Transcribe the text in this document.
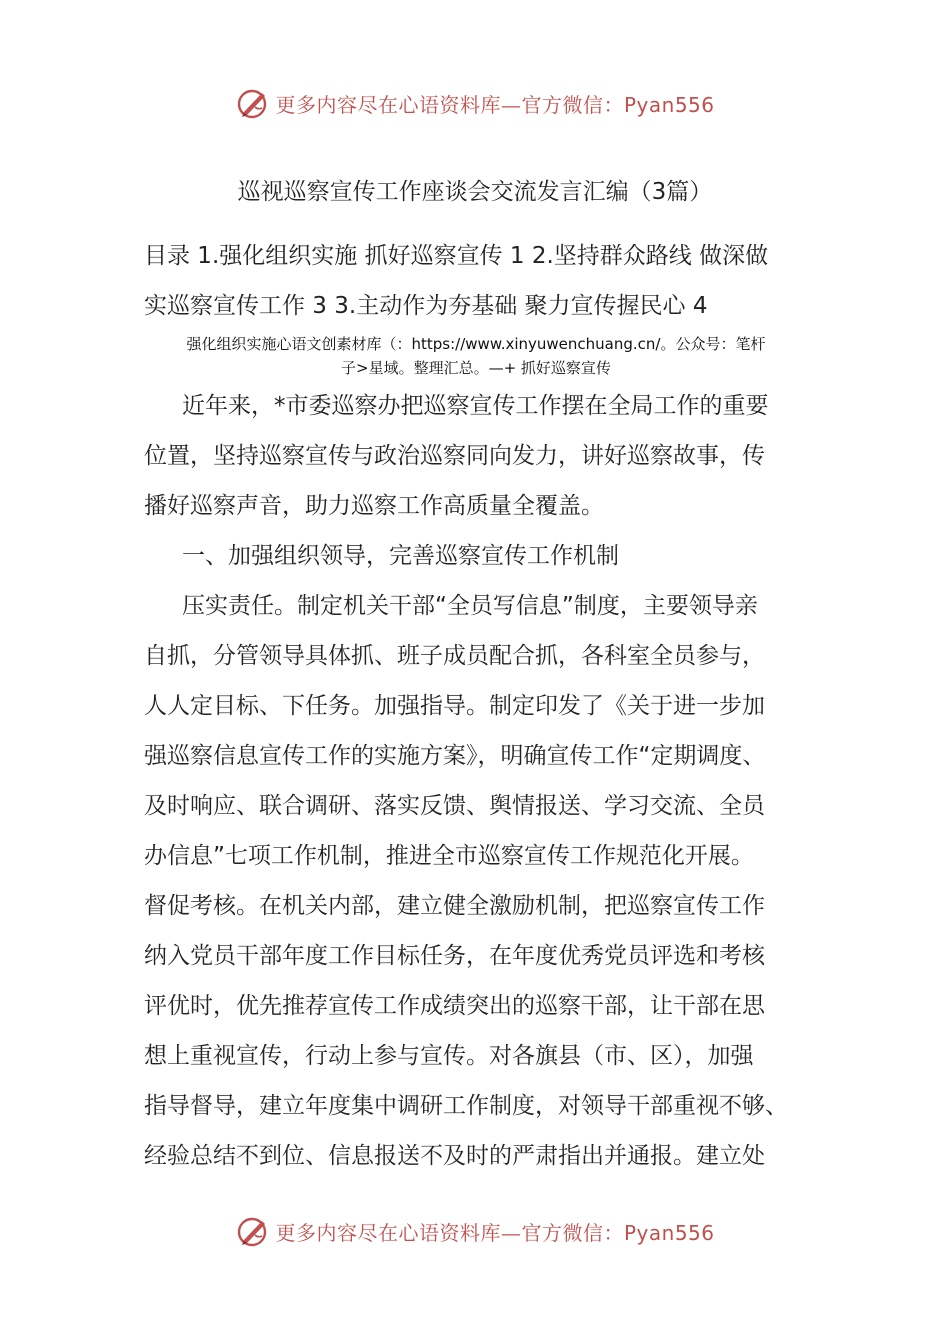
更多内容尽在心语资料库—官方微信：Pyan556
巡视巡察宣传工作座谈会交流发言汇编（3篇）
目录 1.强化组织实施 抓好巡察宣传 1 2.坚持群众路线 做深做
实巡察宣传工作 3 3.主动作为夯基础 聚力宣传握民心 4
强化组织实施心语文创素材库（：https://www.xinyuwenchuang.cn/。公众号：笔杆
子>星域。整理汇总。—+ 抓好巡察宣传
近年来，*市委巡察办把巡察宣传工作摆在全局工作的重要
位置，坚持巡察宣传与政治巡察同向发力，讲好巡察故事，传
播好巡察声音，助力巡察工作高质量全覆盖。
一、加强组织领导，完善巡察宣传工作机制
压实责任。制定机关干部“全员写信息”制度，主要领导亲
自抓，分管领导具体抓、班子成员配合抓，各科室全员参与，
人人定目标、下任务。加强指导。制定印发了《关于进一步加
强巡察信息宣传工作的实施方案》，明确宣传工作“定期调度、
及时响应、联合调研、落实反馈、舆情报送、学习交流、全员
办信息”七项工作机制，推进全市巡察宣传工作规范化开展。
督促考核。在机关内部，建立健全激励机制，把巡察宣传工作
纳入党员干部年度工作目标任务，在年度优秀党员评选和考核
评优时，优先推荐宣传工作成绩突出的巡察干部，让干部在思
想上重视宣传，行动上参与宣传。对各旗县（市、区），加强
指导督导，建立年度集中调研工作制度，对领导干部重视不够、
经验总结不到位、信息报送不及时的严肃指出并通报。建立处
更多内容尽在心语资料库—官方微信：Pyan556
